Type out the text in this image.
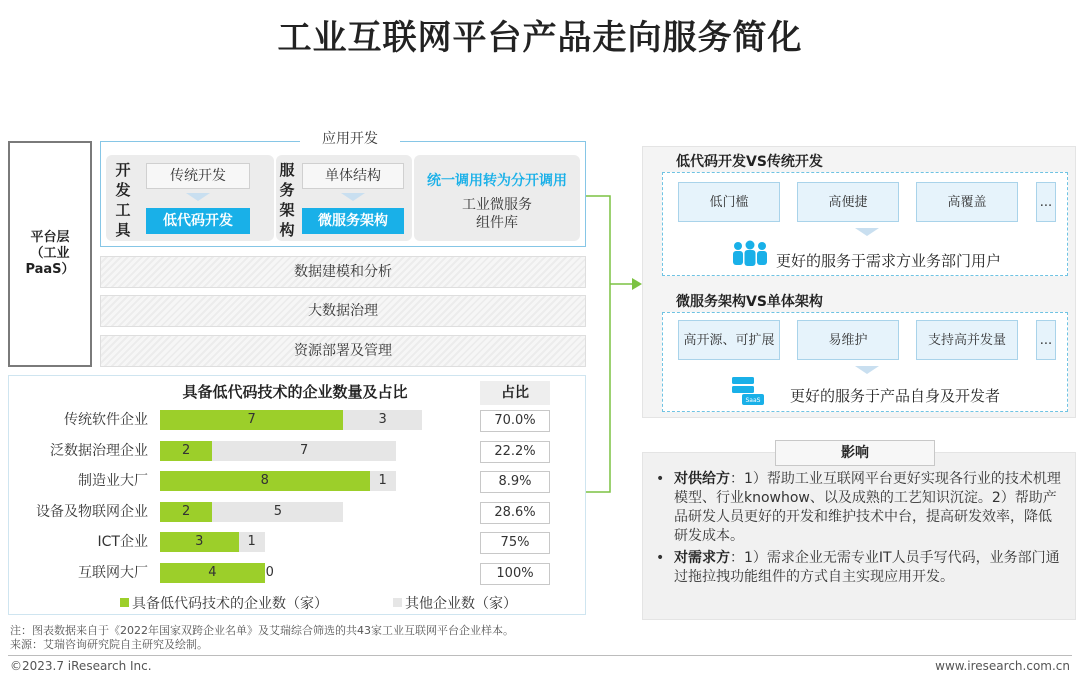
工业互联网平台产品走向服务简化
平台层
（工业
PaaS）
应用开发
开
发
工
具
传统开发
低代码开发
服
务
架
构
单体结构
微服务架构
统一调用转为分开调用
工业微服务
组件库
数据建模和分析
大数据治理
资源部署及管理
具备低代码技术的企业数量及占比	占比
传统软件企业	7	3	70.0%
泛数据治理企业	2	7	22.2%
制造业大厂	8	1	8.9%
设备及物联网企业	2	5	28.6%
ICT企业	3	1	75%
互联网大厂	4	0	100%
具备低代码技术的企业数（家）	其他企业数（家）
低代码开发VS传统开发
低门槛	高便捷	高覆盖	...
更好的服务于需求方业务部门用户
微服务架构VS单体架构
高开源、可扩展	易维护	支持高并发量	...
SaaS 更好的服务于产品自身及开发者
影响
• 对供给方：1）帮助工业互联网平台更好实现各行业的技术机理模型、行业knowhow、以及成熟的工艺知识沉淀。2）帮助产品研发人员更好的开发和维护技术中台，提高研发效率，降低研发成本。
• 对需求方：1）需求企业无需专业IT人员手写代码，业务部门通过拖拉拽功能组件的方式自主实现应用开发。
注：图表数据来自于《2022年国家双跨企业名单》及艾瑞综合筛选的共43家工业互联网平台企业样本。
来源：艾瑞咨询研究院自主研究及绘制。
©2023.7 iResearch Inc.	www.iresearch.com.cn
